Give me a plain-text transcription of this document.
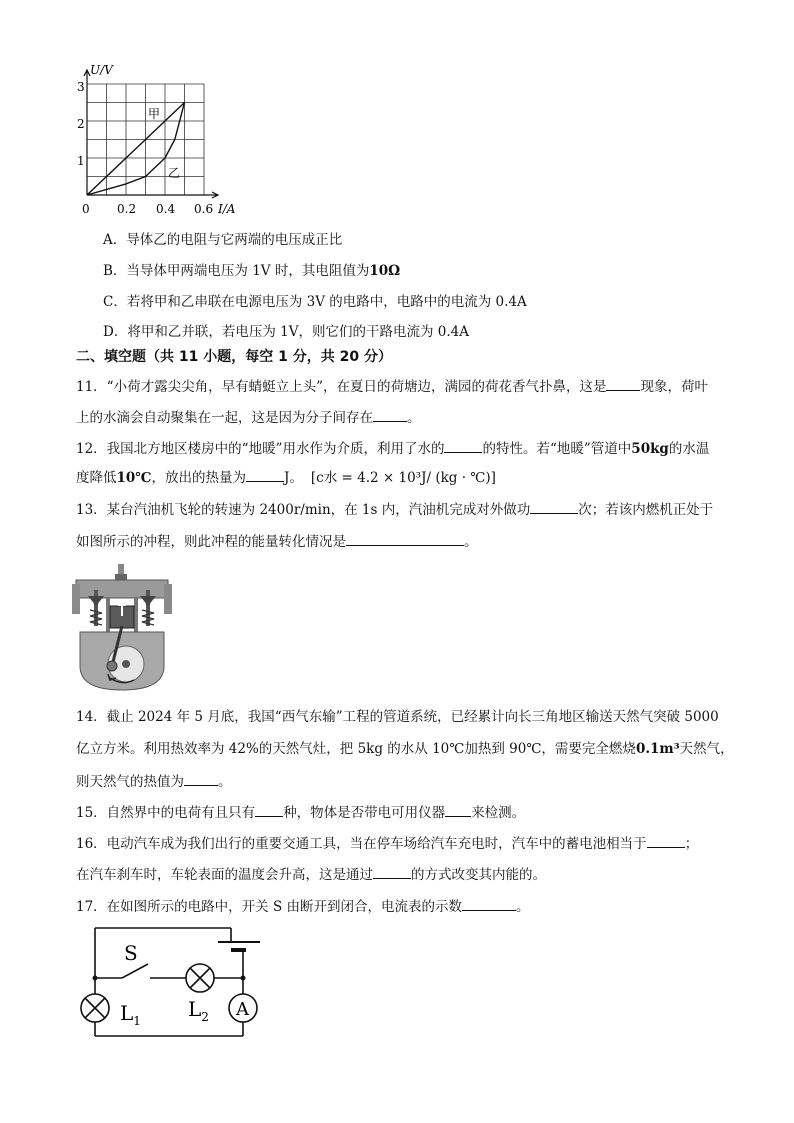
U/V
I/A
3
2
1
0 0.2 0.4 0.6
甲
乙
A．导体乙的电阻与它两端的电压成正比
B．当导体甲两端电压为 1V 时，其电阻值为10Ω
C．若将甲和乙串联在电源电压为 3V 的电路中，电路中的电流为 0.4A
D．将甲和乙并联，若电压为 1V，则它们的干路电流为 0.4A
二、填空题（共 11 小题，每空 1 分，共 20 分）
11．“小荷才露尖尖角，早有蜻蜓立上头”，在夏日的荷塘边，满园的荷花香气扑鼻，这是	现象，荷叶
上的水滴会自动聚集在一起，这是因为分子间存在	。
12．我国北方地区楼房中的“地暖”用水作为介质，利用了水的	的特性。若“地暖”管道中50kg的水温
度降低10℃，放出的热量为	J。 [c水 = 4.2 × 10³J/ (kg · ℃)]
13．某台汽油机飞轮的转速为 2400r/min，在 1s 内，汽油机完成对外做功	次；若该内燃机正处于
如图所示的冲程，则此冲程的能量转化情况是	。
14．截止 2024 年 5 月底，我国“西气东输”工程的管道系统，已经累计向长三角地区输送天然气突破 5000
亿立方米。利用热效率为 42%的天然气灶，把 5kg 的水从 10℃加热到 90℃，需要完全燃烧0.1m³天然气，
则天然气的热值为	。
15．自然界中的电荷有且只有 种，物体是否带电可用仪器 来检测。
16．电动汽车成为我们出行的重要交通工具，当在停车场给汽车充电时，汽车中的蓄电池相当于	；
在汽车刹车时，车轮表面的温度会升高，这是通过	的方式改变其内能的。
17．在如图所示的电路中，开关 S 由断开到闭合，电流表的示数	。
S
$L_1$ $L_2$ A
